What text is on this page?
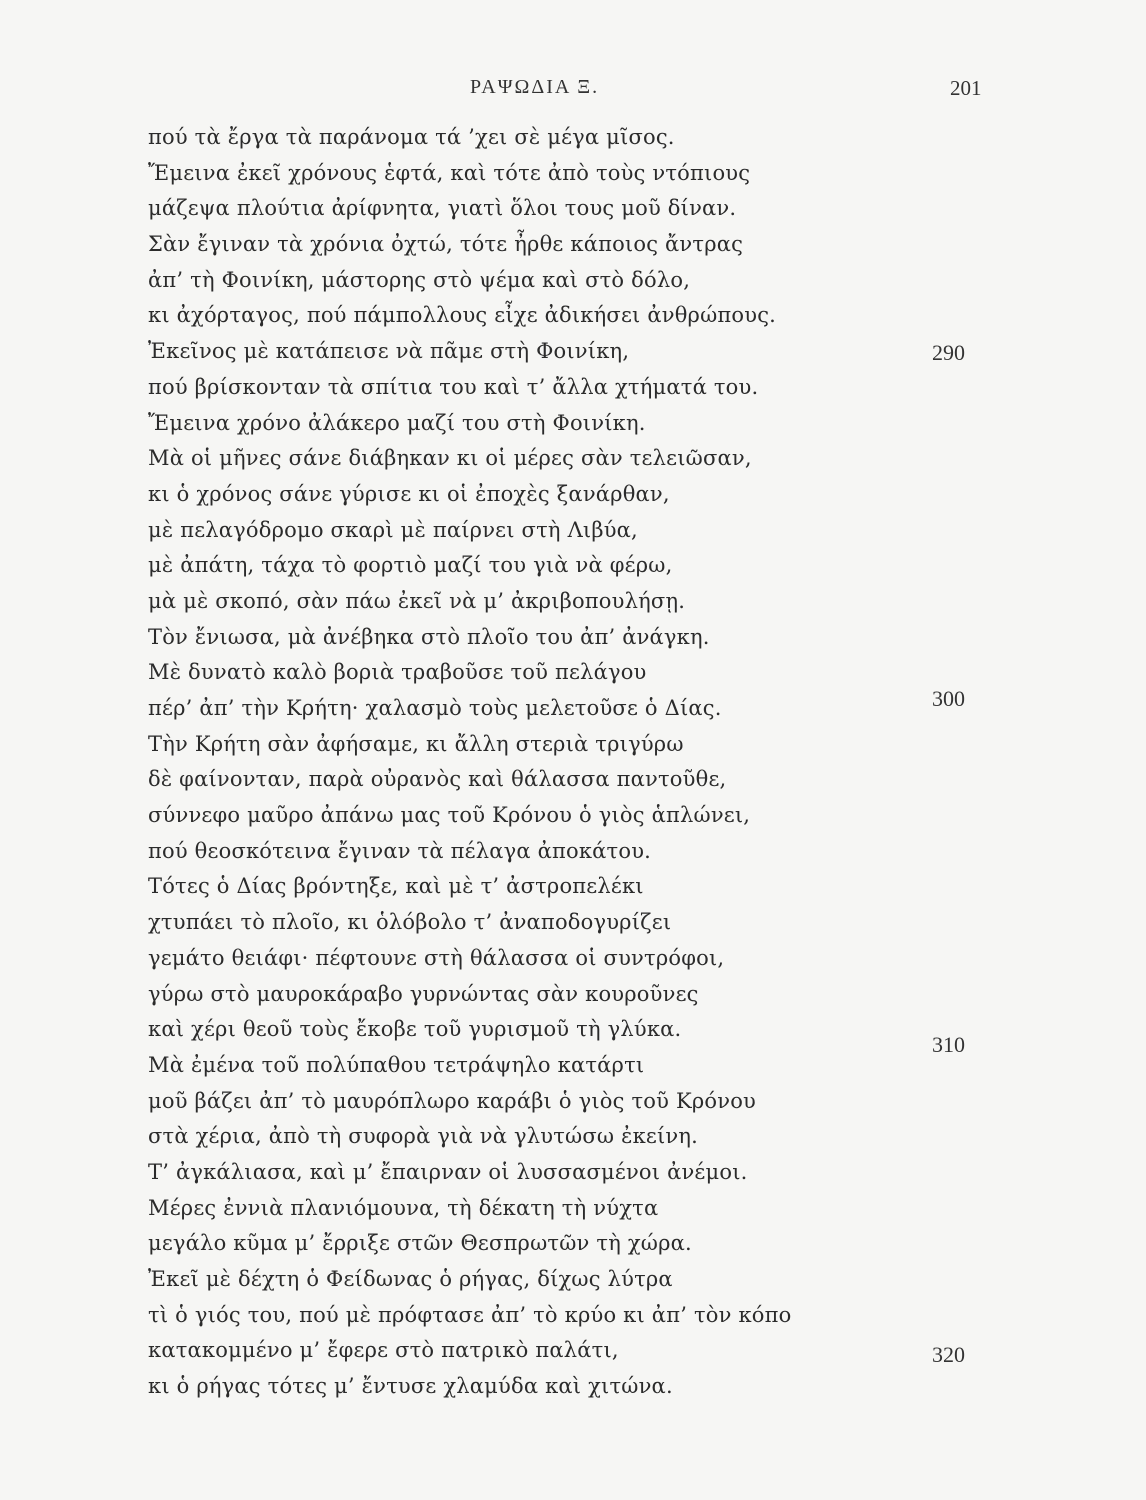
ΡΑΨΩΔΙΑ Ξ.	201
πού τὰ ἔργα τὰ παράνομα τά ’χει σὲ μέγα μῖσος.
Ἔμεινα ἐκεῖ χρόνους ἑφτά, καὶ τότε ἀπὸ τοὺς ντόπιους
μάζεψα πλούτια ἀρίφνητα, γιατὶ ὅλοι τους μοῦ δίναν.
Σὰν ἔγιναν τὰ χρόνια ὀχτώ, τότε ἦρθε κάποιος ἄντρας
ἀπ’ τὴ Φοινίκη, μάστορης στὸ ψέμα καὶ στὸ δόλο,
κι ἀχόρταγος, πού πάμπολλους εἶχε ἀδικήσει ἀνθρώπους.
Ἐκεῖνος μὲ κατάπεισε νὰ πᾶμε στὴ Φοινίκη,
πού βρίσκονταν τὰ σπίτια του καὶ τ’ ἄλλα χτήματά του.
Ἔμεινα χρόνο ἀλάκερο μαζί του στὴ Φοινίκη.
Μὰ οἱ μῆνες σάνε διάβηκαν κι οἱ μέρες σὰν τελειῶσαν,
κι ὁ χρόνος σάνε γύρισε κι οἱ ἐποχὲς ξανάρθαν,
μὲ πελαγόδρομο σκαρὶ μὲ παίρνει στὴ Λιβύα,
μὲ ἀπάτη, τάχα τὸ φορτιὸ μαζί του γιὰ νὰ φέρω,
μὰ μὲ σκοπό, σὰν πάω ἐκεῖ νὰ μ’ ἀκριβοπουλήσῃ.
Τὸν ἔνιωσα, μὰ ἀνέβηκα στὸ πλοῖο του ἀπ’ ἀνάγκη.
Μὲ δυνατὸ καλὸ βοριὰ τραβοῦσε τοῦ πελάγου
πέρ’ ἀπ’ τὴν Κρήτη· χαλασμὸ τοὺς μελετοῦσε ὁ Δίας.
Τὴν Κρήτη σὰν ἀφήσαμε, κι ἄλλη στεριὰ τριγύρω
δὲ φαίνονταν, παρὰ οὐρανὸς καὶ θάλασσα παντοῦθε,
σύννεφο μαῦρο ἀπάνω μας τοῦ Κρόνου ὁ γιὸς ἁπλώνει,
πού θεοσκότεινα ἔγιναν τὰ πέλαγα ἀποκάτου.
Τότες ὁ Δίας βρόντηξε, καὶ μὲ τ’ ἀστροπελέκι
χτυπάει τὸ πλοῖο, κι ὁλόβολο τ’ ἀναποδογυρίζει
γεμάτο θειάφι· πέφτουνε στὴ θάλασσα οἱ συντρόφοι,
γύρω στὸ μαυροκάραβο γυρνώντας σὰν κουροῦνες
καὶ χέρι θεοῦ τοὺς ἔκοβε τοῦ γυρισμοῦ τὴ γλύκα.
Μὰ ἐμένα τοῦ πολύπαθου τετράψηλο κατάρτι
μοῦ βάζει ἀπ’ τὸ μαυρόπλωρο καράβι ὁ γιὸς τοῦ Κρόνου
στὰ χέρια, ἀπὸ τὴ συφορὰ γιὰ νὰ γλυτώσω ἐκείνη.
Τ’ ἀγκάλιασα, καὶ μ’ ἔπαιρναν οἱ λυσσασμένοι ἀνέμοι.
Μέρες ἐννιὰ πλανιόμουνα, τὴ δέκατη τὴ νύχτα
μεγάλο κῦμα μ’ ἔρριξε στῶν Θεσπρωτῶν τὴ χώρα.
Ἐκεῖ μὲ δέχτη ὁ Φείδωνας ὁ ρήγας, δίχως λύτρα
τὶ ὁ γιός του, πού μὲ πρόφτασε ἀπ’ τὸ κρύο κι ἀπ’ τὸν κόπο
κατακομμένο μ’ ἔφερε στὸ πατρικὸ παλάτι,
κι ὁ ρήγας τότες μ’ ἔντυσε χλαμύδα καὶ χιτώνα.
290
300
310
320
